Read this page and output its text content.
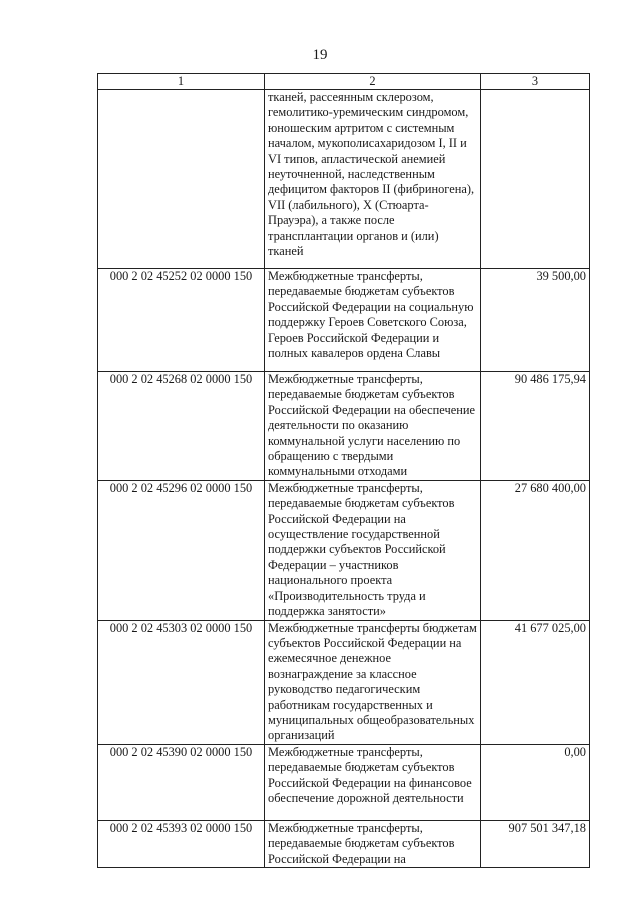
19
1	2	3
	тканей, рассеянным склерозом, гемолитико-уремическим синдромом, юношеским артритом с системным началом, мукополисахаридозом I, II и VI типов, апластической анемией неуточненной, наследственным дефицитом факторов II (фибриногена), VII (лабильного), X (Стюарта-Прауэра), а также после трансплантации органов и (или) тканей	
000 2 02 45252 02 0000 150	Межбюджетные трансферты, передаваемые бюджетам субъектов Российской Федерации на социальную поддержку Героев Советского Союза, Героев Российской Федерации и полных кавалеров ордена Славы	39 500,00
000 2 02 45268 02 0000 150	Межбюджетные трансферты, передаваемые бюджетам субъектов Российской Федерации на обеспечение деятельности по оказанию коммунальной услуги населению по обращению с твердыми коммунальными отходами	90 486 175,94
000 2 02 45296 02 0000 150	Межбюджетные трансферты, передаваемые бюджетам субъектов Российской Федерации на осуществление государственной поддержки субъектов Российской Федерации – участников национального проекта «Производительность труда и поддержка занятости»	27 680 400,00
000 2 02 45303 02 0000 150	Межбюджетные трансферты бюджетам субъектов Российской Федерации на ежемесячное денежное вознаграждение за классное руководство педагогическим работникам государственных и муниципальных общеобразовательных организаций	41 677 025,00
000 2 02 45390 02 0000 150	Межбюджетные трансферты, передаваемые бюджетам субъектов Российской Федерации на финансовое обеспечение дорожной деятельности	0,00
000 2 02 45393 02 0000 150	Межбюджетные трансферты, передаваемые бюджетам субъектов Российской Федерации на	907 501 347,18
